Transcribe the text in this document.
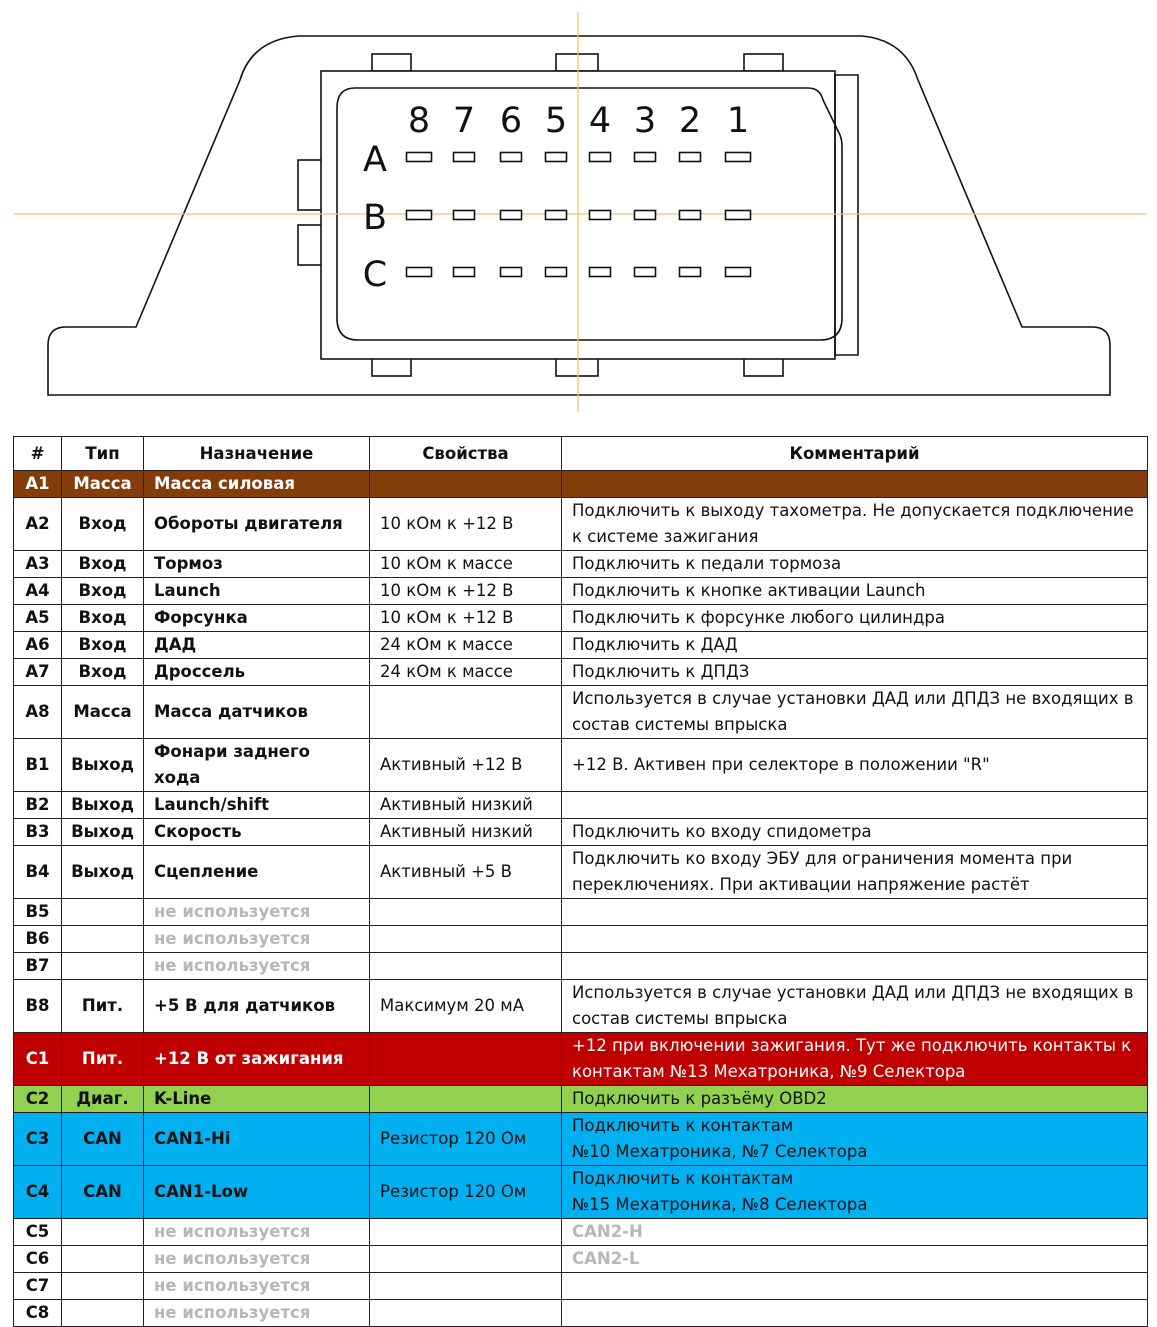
8 7 6 5 4 3 2 1
A
B
C
#	Тип	Назначение	Свойства	Комментарий
A1	Масса	Масса силовая		
A2	Вход	Обороты двигателя	10 кОм к +12 В	Подключить к выходу тахометра. Не допускается подключение к системе зажигания
A3	Вход	Тормоз	10 кОм к массе	Подключить к педали тормоза
A4	Вход	Launch	10 кОм к +12 В	Подключить к кнопке активации Launch
A5	Вход	Форсунка	10 кОм к +12 В	Подключить к форсунке любого цилиндра
A6	Вход	ДАД	24 кОм к массе	Подключить к ДАД
A7	Вход	Дроссель	24 кОм к массе	Подключить к ДПДЗ
A8	Масса	Масса датчиков		Используется в случае установки ДАД или ДПДЗ не входящих в состав системы впрыска
B1	Выход	Фонари заднего хода	Активный +12 В	+12 В. Активен при селекторе в положении "R"
B2	Выход	Launch/shift	Активный низкий	
B3	Выход	Скорость	Активный низкий	Подключить ко входу спидометра
B4	Выход	Сцепление	Активный +5 В	Подключить ко входу ЭБУ для ограничения момента при переключениях. При активации напряжение растёт
B5		не используется		
B6		не используется		
B7		не используется		
B8	Пит.	+5 В для датчиков	Максимум 20 мА	Используется в случае установки ДАД или ДПДЗ не входящих в состав системы впрыска
C1	Пит.	+12 В от зажигания		+12 при включении зажигания. Тут же подключить контакты к контактам №13 Мехатроника, №9 Селектора
C2	Диаг.	K-Line		Подключить к разъёму OBD2
C3	CAN	CAN1-Hi	Резистор 120 Ом	Подключить к контактам
№10 Мехатроника, №7 Селектора
C4	CAN	CAN1-Low	Резистор 120 Ом	Подключить к контактам
№15 Мехатроника, №8 Селектора
C5		не используется		CAN2-H
C6		не используется		CAN2-L
C7		не используется		
C8		не используется		
